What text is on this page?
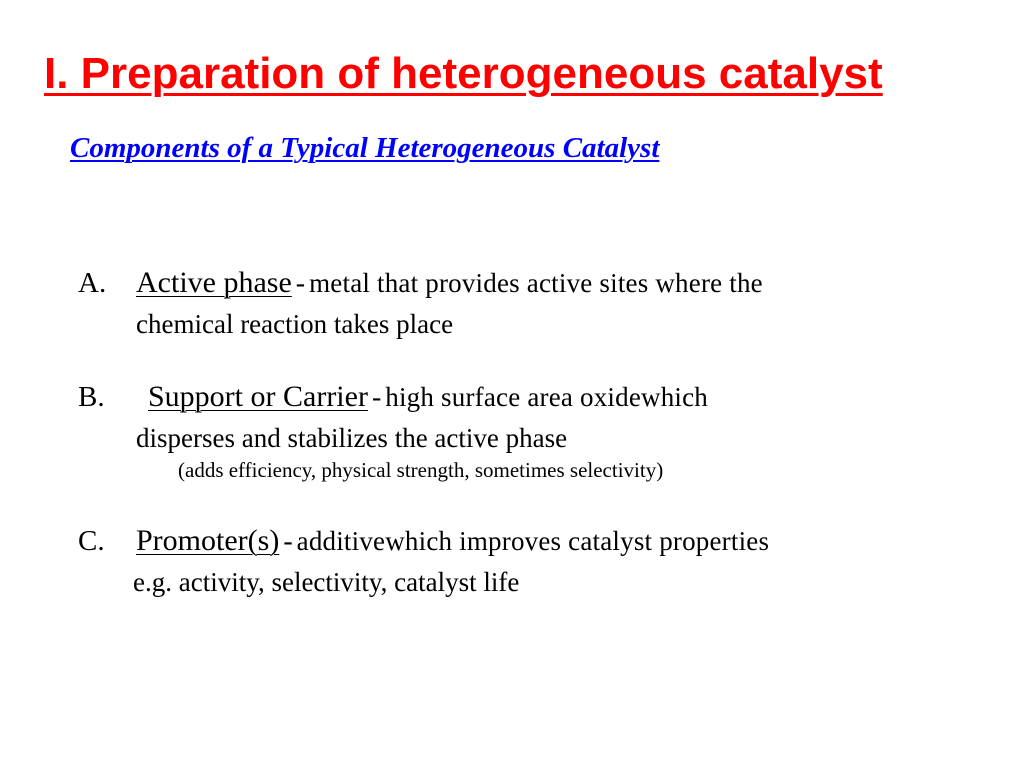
I. Preparation of heterogeneous catalyst
Components of a Typical Heterogeneous Catalyst
A. Active phase - metal that provides active sites where the
chemical reaction takes place
B. Support or Carrier - high surface area oxidewhich
disperses and stabilizes the active phase
(adds efficiency, physical strength, sometimes selectivity)
C. Promoter(s) - additivewhich improves catalyst properties
e.g. activity, selectivity, catalyst life
